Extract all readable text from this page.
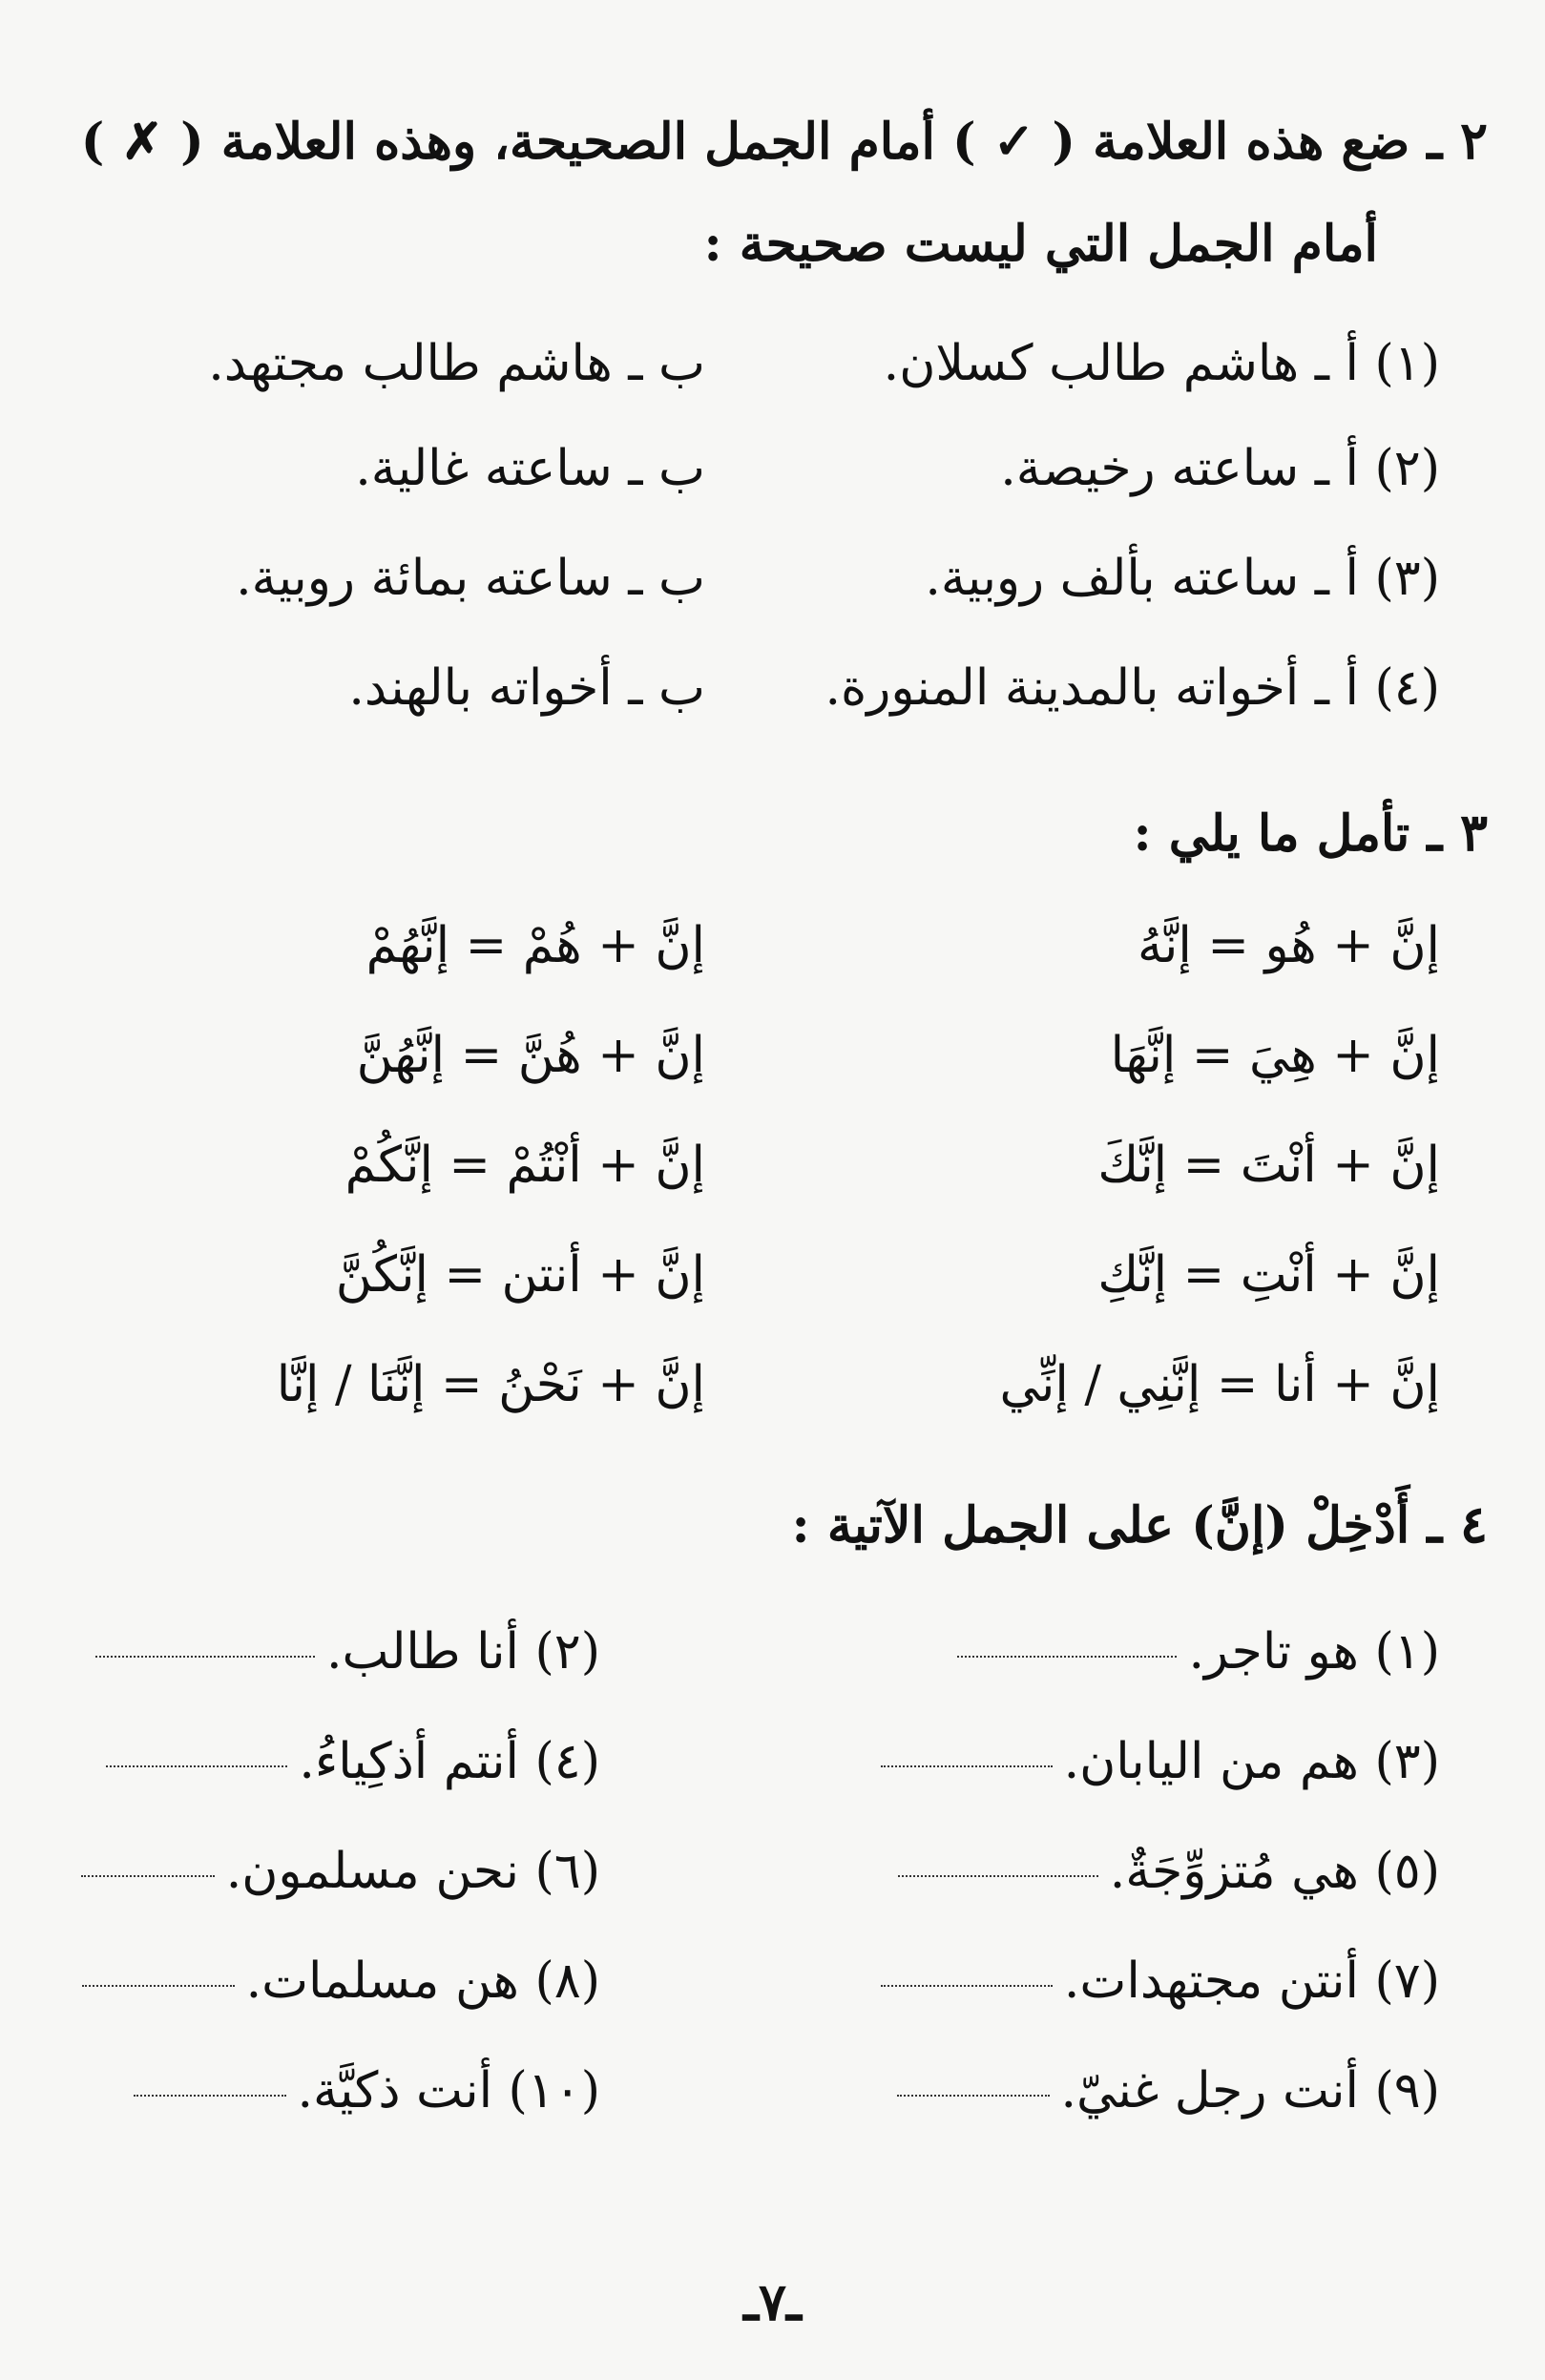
٢ ـ ضع هذه العلامة ( ✓ ) أمام الجمل الصحيحة، وهذه العلامة ( ✗ )
أمام الجمل التي ليست صحيحة :
(١) أ ـ هاشم طالب كسلان.
ب ـ هاشم طالب مجتهد.
(٢) أ ـ ساعته رخيصة.
ب ـ ساعته غالية.
(٣) أ ـ ساعته بألف روبية.
ب ـ ساعته بمائة روبية.
(٤) أ ـ أخواته بالمدينة المنورة.
ب ـ أخواته بالهند.
٣ ـ تأمل ما يلي :
إنَّ + هُو = إنَّهُ
إنَّ + هُمْ = إنَّهُمْ
إنَّ + هِيَ = إنَّهَا
إنَّ + هُنَّ = إنَّهُنَّ
إنَّ + أنْتَ = إنَّكَ
إنَّ + أنْتُمْ = إنَّكُمْ
إنَّ + أنْتِ = إنَّكِ
إنَّ + أنتن = إنَّكُنَّ
إنَّ + أنا = إنَّنِي / إنِّي
إنَّ + نَحْنُ = إنَّنَا / إنَّا
٤ ـ أَدْخِلْ (إنَّ) على الجمل الآتية :
(١) هو تاجر.
(٢) أنا طالب.
(٣) هم من اليابان.
(٤) أنتم أذكِياءُ.
(٥) هي مُتزوِّجَةٌ.
(٦) نحن مسلمون.
(٧) أنتن مجتهدات.
(٨) هن مسلمات.
(٩) أنت رجل غنيّ.
(١٠) أنت ذكيَّة.
ـ٧ـ
